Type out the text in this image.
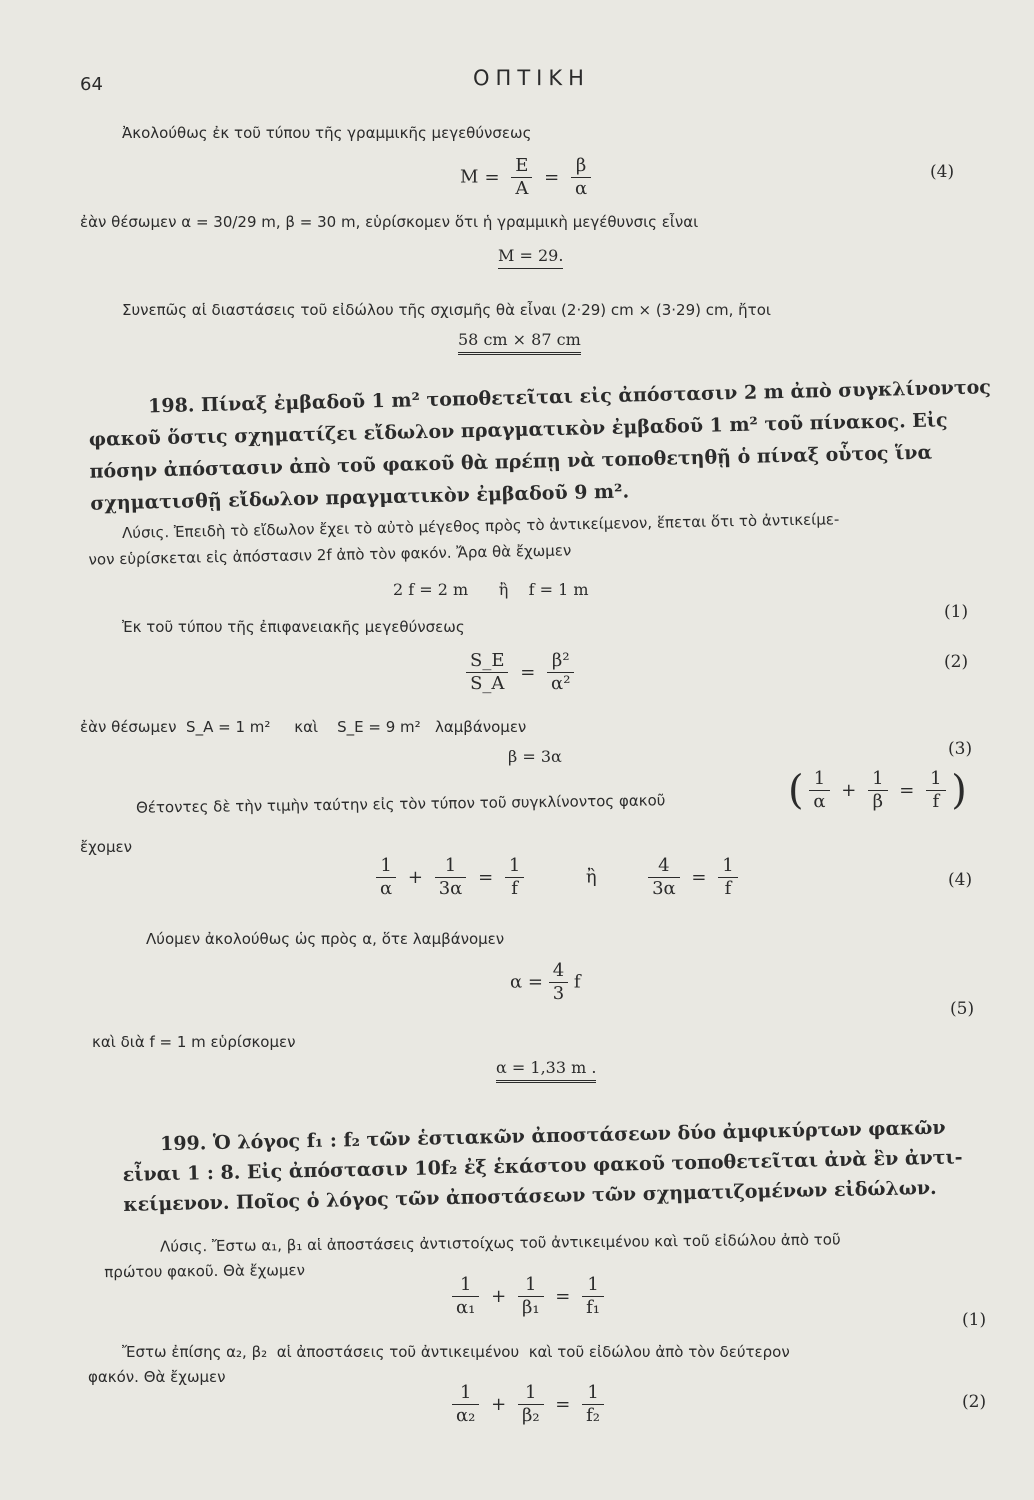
64	ΟΠΤΙΚΗ
Ἀκολούθως ἐκ τοῦ τύπου τῆς γραμμικῆς μεγεθύνσεως
$M = \frac{E}{A} = \frac{\beta}{\alpha}$	(4)
ἐὰν θέσωμεν α = 30/29 m, β = 30 m, εὑρίσκομεν ὅτι ἡ γραμμικὴ μεγέθυνσις εἶναι
M = 29.
Συνεπῶς αἱ διαστάσεις τοῦ εἰδώλου τῆς σχισμῆς θὰ εἶναι (2·29) cm × (3·29) cm, ἤτοι
58 cm × 87 cm
198. Πίναξ ἐμβαδοῦ 1 m² τοποθετεῖται εἰς ἀπόστασιν 2 m ἀπὸ συγκλίνοντος
φακοῦ ὅστις σχηματίζει εἴδωλον πραγματικὸν ἐμβαδοῦ 1 m² τοῦ πίνακος. Εἰς
πόσην ἀπόστασιν ἀπὸ τοῦ φακοῦ θὰ πρέπῃ νὰ τοποθετηθῇ ὁ πίναξ οὗτος ἵνα
σχηματισθῇ εἴδωλον πραγματικὸν ἐμβαδοῦ 9 m².
Λύσις. Ἐπειδὴ τὸ εἴδωλον ἔχει τὸ αὐτὸ μέγεθος πρὸς τὸ ἀντικείμενον, ἕπεται ὅτι τὸ ἀντικείμε-
νον εὑρίσκεται εἰς ἀπόστασιν 2f ἀπὸ τὸν φακόν. Ἄρα θὰ ἔχωμεν
2 f = 2 m      ἢ    f = 1 m
(1)
Ἐκ τοῦ τύπου τῆς ἐπιφανειακῆς μεγεθύνσεως
$\frac{S\_E}{S\_A} = \frac{\text{β²}}{\text{α²}}$	(2)
ἐὰν θέσωμεν  S_A = 1 m²     καὶ    S_E = 9 m²   λαμβάνομεν
β = 3α	(3)
Θέτοντες δὲ τὴν τιμὴν ταύτην εἰς τὸν τύπον τοῦ συγκλίνοντος φακοῦ	( $\frac{1}{\alpha} + \frac{1}{\beta} = \frac{1}{f}$ )
ἔχομεν
$\frac{1}{\alpha} + \frac{1}{3\alpha} = \frac{1}{f}$	ἢ	$\frac{4}{3\alpha} = \frac{1}{f}$	(4)
Λύομεν ἀκολούθως ὡς πρὸς α, ὅτε λαμβάνομεν
$\alpha = \frac{4}{3}$ f
(5)
καὶ διὰ f = 1 m εὑρίσκομεν
α = 1,33 m .
199. Ὁ λόγος f₁ : f₂ τῶν ἑστιακῶν ἀποστάσεων δύο ἀμφικύρτων φακῶν
εἶναι 1 : 8. Εἰς ἀπόστασιν 10f₂ ἐξ ἑκάστου φακοῦ τοποθετεῖται ἀνὰ ἓν ἀντι-
κείμενον. Ποῖος ὁ λόγος τῶν ἀποστάσεων τῶν σχηματιζομένων εἰδώλων.
Λύσις. Ἔστω α₁, β₁ αἱ ἀποστάσεις ἀντιστοίχως τοῦ ἀντικειμένου καὶ τοῦ εἰδώλου ἀπὸ τοῦ
πρώτου φακοῦ. Θὰ ἔχωμεν
$\frac{1}{\text{α₁}} + \frac{1}{\text{β₁}} = \frac{1}{\text{f₁}}$
(1)
Ἔστω ἐπίσης α₂, β₂  αἱ ἀποστάσεις τοῦ ἀντικειμένου  καὶ τοῦ εἰδώλου ἀπὸ τὸν δεύτερον
φακόν. Θὰ ἔχωμεν
$\frac{1}{\text{α₂}} + \frac{1}{\text{β₂}} = \frac{1}{\text{f₂}}$	(2)
